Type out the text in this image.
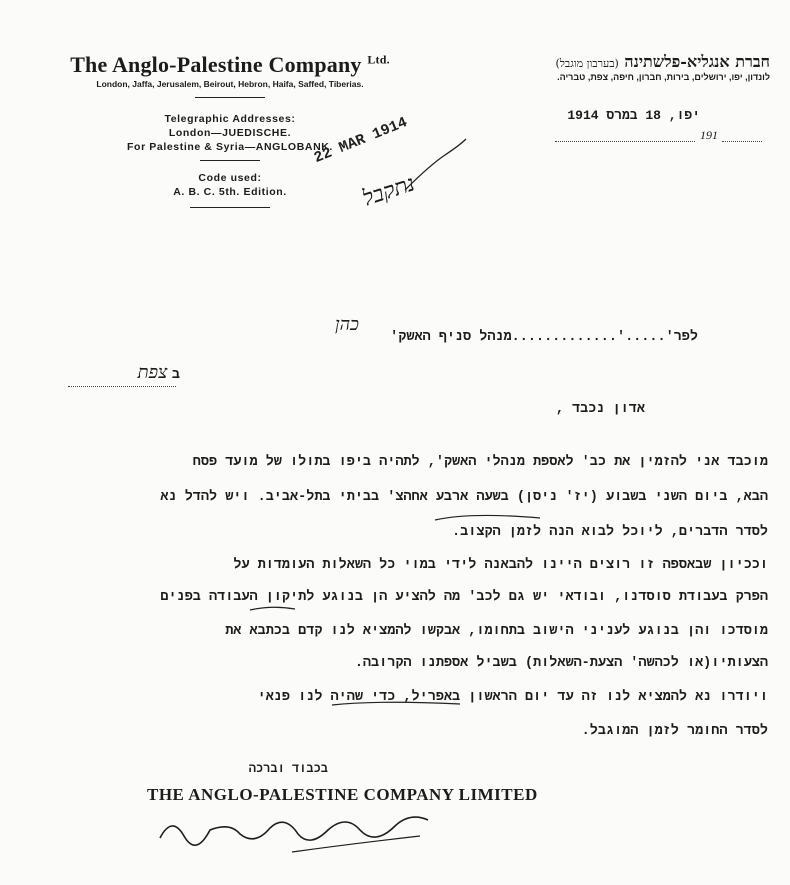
The Anglo-Palestine Company $^{Ltd.}$
London, Jaffa, Jerusalem, Beirout, Hebron, Haifa, Saffed, Tiberias.
Telegraphic Addresses:
London—JUEDISCHE.
For Palestine & Syria—ANGLOBANK.
Code used:
A. B. C. 5th. Edition.
חברת אנגליא-פלשתינה (בערבון מוגבל)
לונדון, יפו, ירושלים, בירות, חברון, חיפה, צפת, טבריה.
יפו, 18 במרס 1914
191
22 MAR 1914
נתקבל
לפר'.....'.............מנהל סניף האשק'
כהן
ב צפת
אדון נכבד ,
מוכבד אני להזמין את כב' לאספת מנהלי האשק', לתהיה ביפו בתולו של מועד פסח
הבא, ביום השני בשבוע (יז' ניסן) בשעה ארבע אחהצ' בביתי בתל-אביב. ויש להדל נא
לסדר הדברים, ליוכל לבוא הנה לזמן הקצוב.
וככיון שבאספה זו רוצים היינו להבאנה לידי במוי כל השאלות העומדות על
הפרק בעבודת סוסדנו, ובודאי יש גם לכב' מה להציע הן בנוגע לתיקון העבודה בפנים
מוסדכו והן בנוגע לעניני הישוב בתחומו, אבקשו להמציא לנו קדם בכתבא את
הצעותיו(או לכהשה' הצעת-השאלות) בשביל אספתנו הקרובה.
ויודרו נא להמציא לנו זה עד יום הראשון באפריל, כדי שהיה לנו פנאי
לסדר החומר לזמן המוגבל.
בכבוד וברכה
THE ANGLO-PALESTINE COMPANY LIMITED
